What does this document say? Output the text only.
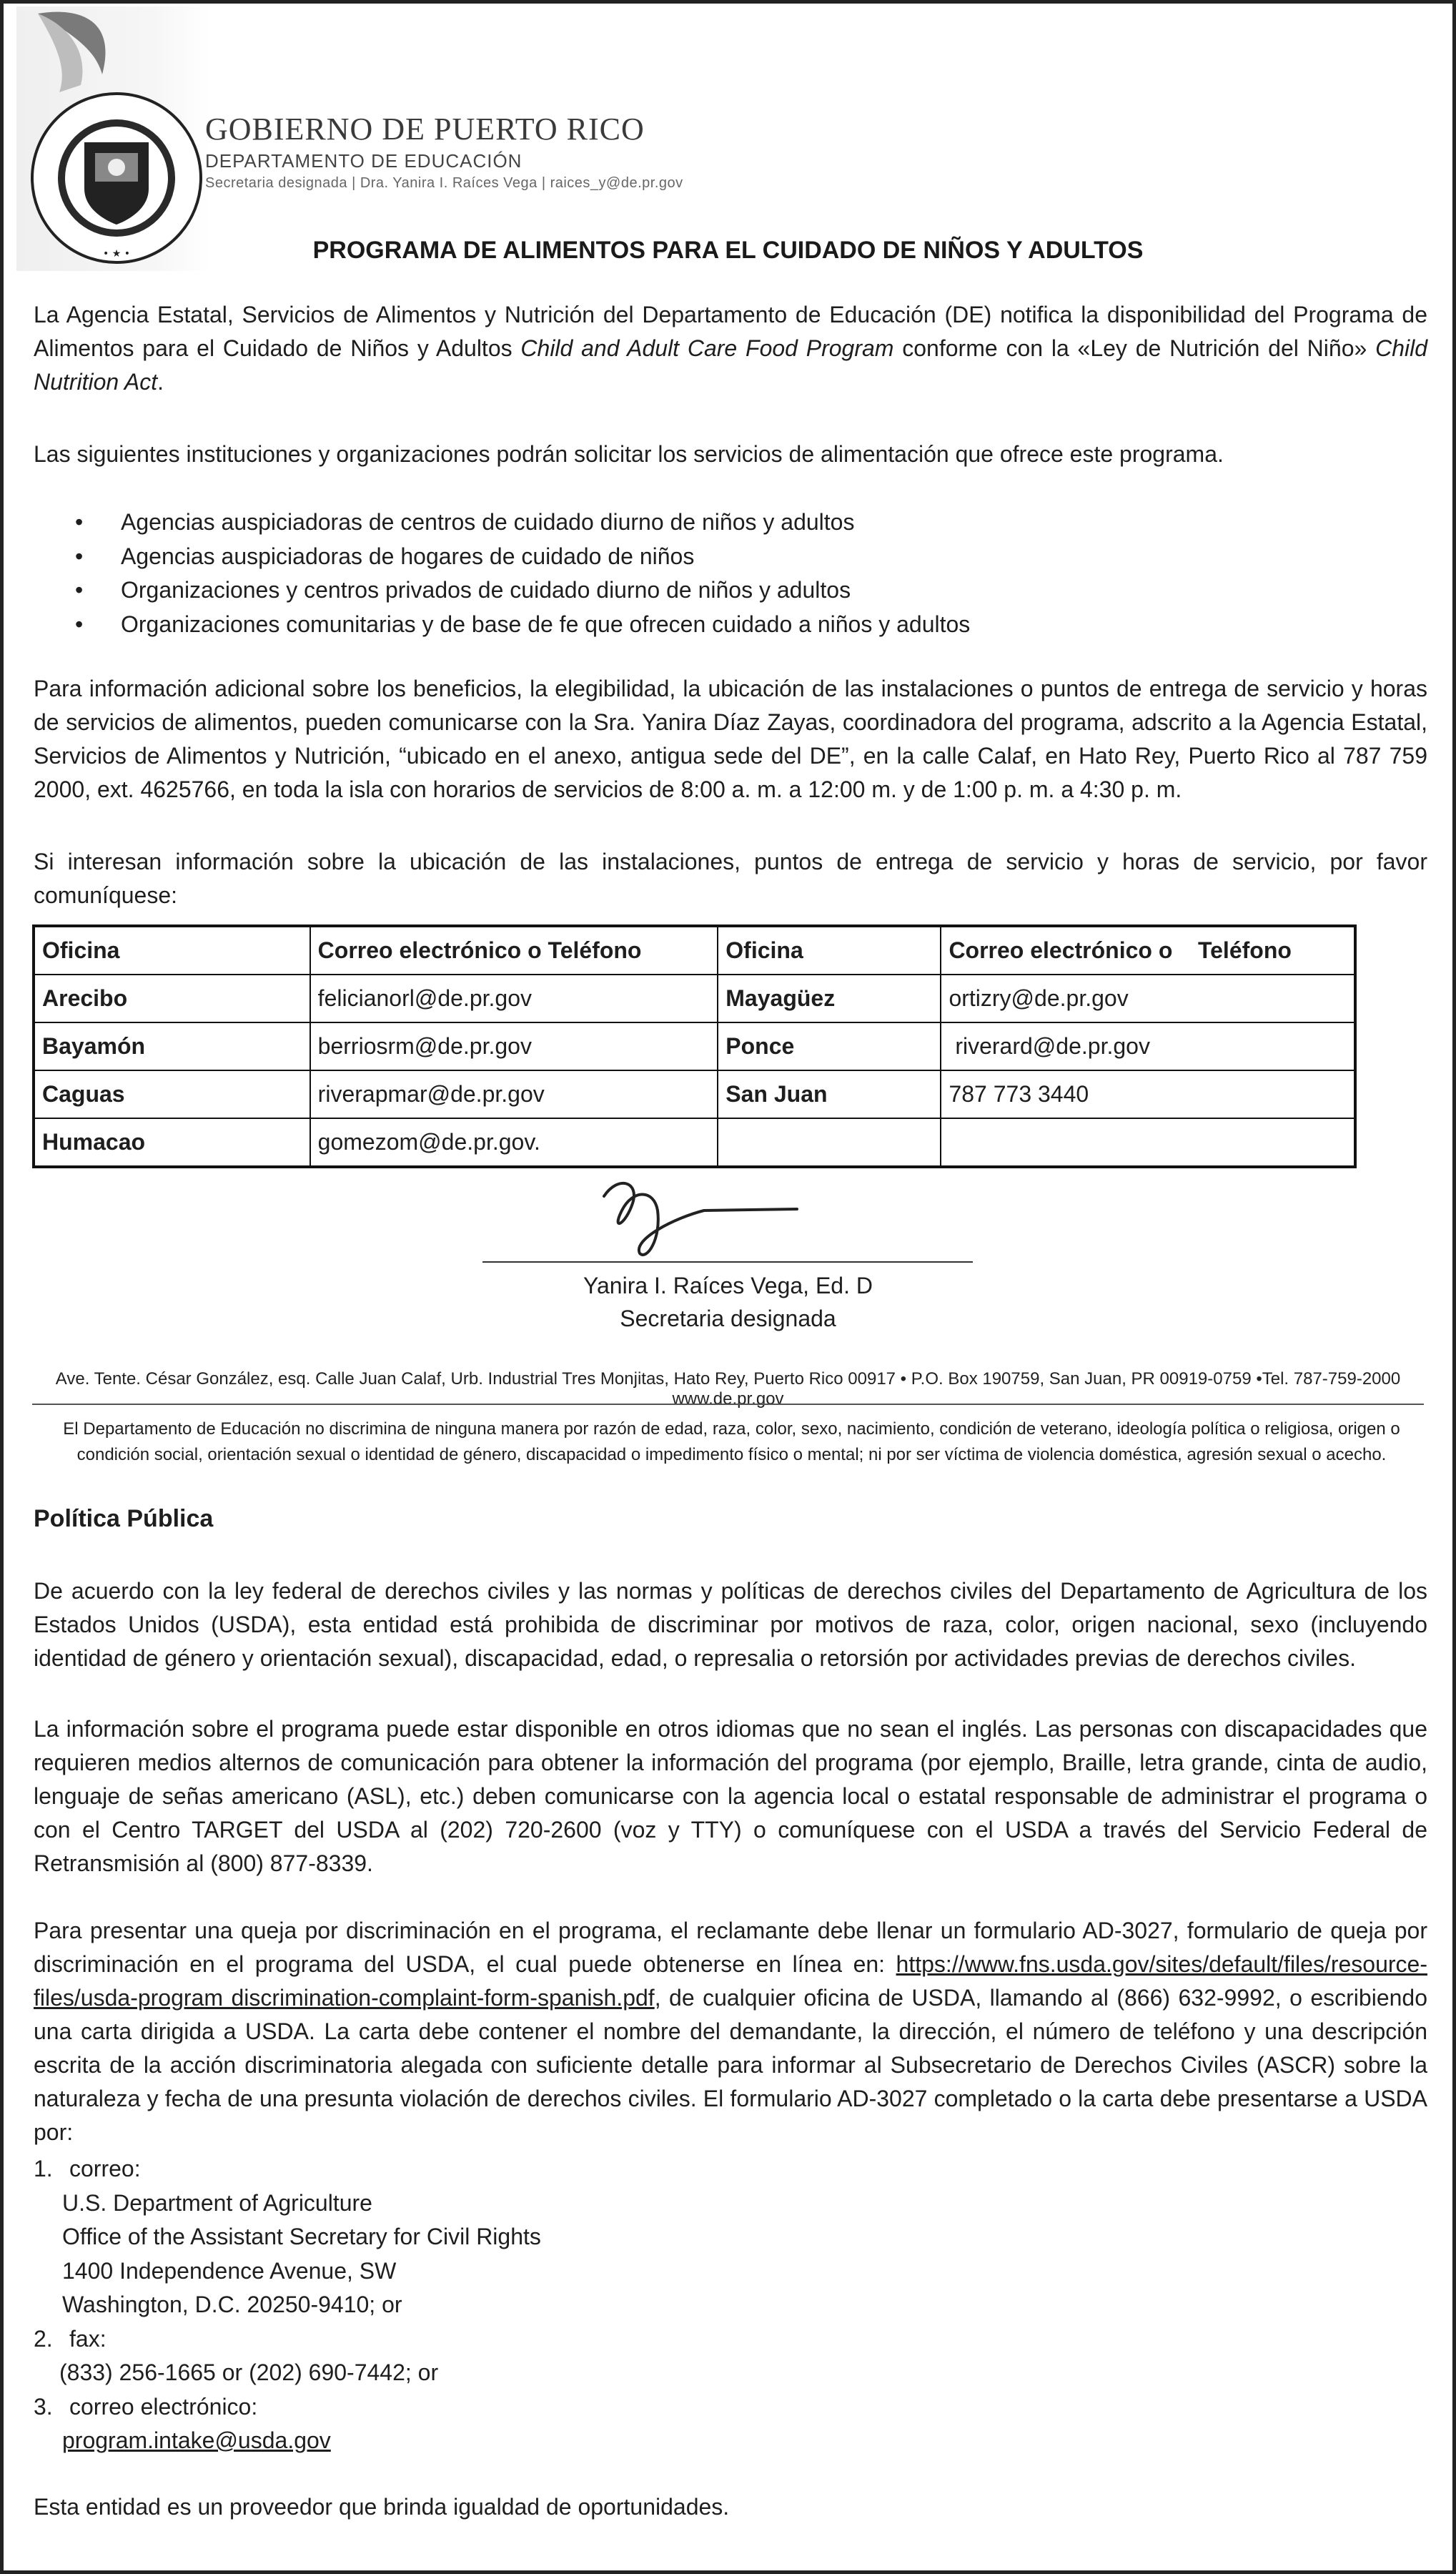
• ★ •
GOBIERNO DE PUERTO RICO
DEPARTAMENTO DE EDUCACIÓN
Secretaria designada | Dra. Yanira I. Raíces Vega | raices_y@de.pr.gov
PROGRAMA DE ALIMENTOS PARA EL CUIDADO DE NIÑOS Y ADULTOS

La Agencia Estatal, Servicios de Alimentos y Nutrición del Departamento de Educación (DE) notifica la disponibilidad del Programa de Alimentos para el Cuidado de Niños y Adultos Child and Adult Care Food Program conforme con la «Ley de Nutrición del Niño» Child Nutrition Act.

Las siguientes instituciones y organizaciones podrán solicitar los servicios de alimentación que ofrece este programa.

• Agencias auspiciadoras de centros de cuidado diurno de niños y adultos
• Agencias auspiciadoras de hogares de cuidado de niños
• Organizaciones y centros privados de cuidado diurno de niños y adultos
• Organizaciones comunitarias y de base de fe que ofrecen cuidado a niños y adultos

Para información adicional sobre los beneficios, la elegibilidad, la ubicación de las instalaciones o puntos de entrega de servicio y horas de servicios de alimentos, pueden comunicarse con la Sra. Yanira Díaz Zayas, coordinadora del programa, adscrito a la Agencia Estatal, Servicios de Alimentos y Nutrición, “ubicado en el anexo, antigua sede del DE”, en la calle Calaf, en Hato Rey, Puerto Rico al 787 759 2000, ext. 4625766, en toda la isla con horarios de servicios de 8:00 a. m. a 12:00 m. y de 1:00 p. m. a 4:30 p. m.

Si interesan información sobre la ubicación de las instalaciones, puntos de entrega de servicio y horas de servicio, por favor comuníquese:

Oficina	Correo electrónico o Teléfono	Oficina	Correo electrónico o    Teléfono
Arecibo	felicianorl@de.pr.gov	Mayagüez	ortizry@de.pr.gov
Bayamón	berriosrm@de.pr.gov	Ponce	riverard@de.pr.gov
Caguas	riverapmar@de.pr.gov	San Juan	787 773 3440
Humacao	gomezom@de.pr.gov.		
Yanira I. Raíces Vega, Ed. D
Secretaria designada
Ave. Tente. César González, esq. Calle Juan Calaf, Urb. Industrial Tres Monjitas, Hato Rey, Puerto Rico 00917 • P.O. Box 190759, San Juan, PR 00919-0759 •Tel. 787-759-2000 www.de.pr.gov

El Departamento de Educación no discrimina de ninguna manera por razón de edad, raza, color, sexo, nacimiento, condición de veterano, ideología política o religiosa, origen o condición social, orientación sexual o identidad de género, discapacidad o impedimento físico o mental; ni por ser víctima de violencia doméstica, agresión sexual o acecho.

Política Pública

De acuerdo con la ley federal de derechos civiles y las normas y políticas de derechos civiles del Departamento de Agricultura de los Estados Unidos (USDA), esta entidad está prohibida de discriminar por motivos de raza, color, origen nacional, sexo (incluyendo identidad de género y orientación sexual), discapacidad, edad, o represalia o retorsión por actividades previas de derechos civiles.

La información sobre el programa puede estar disponible en otros idiomas que no sean el inglés. Las personas con discapacidades que requieren medios alternos de comunicación para obtener la información del programa (por ejemplo, Braille, letra grande, cinta de audio, lenguaje de señas americano (ASL), etc.) deben comunicarse con la agencia local o estatal responsable de administrar el programa o con el Centro TARGET del USDA al (202) 720-2600 (voz y TTY) o comuníquese con el USDA a través del Servicio Federal de Retransmisión al (800) 877-8339.

Para presentar una queja por discriminación en el programa, el reclamante debe llenar un formulario AD-3027, formulario de queja por discriminación en el programa del USDA, el cual puede obtenerse en línea en: https://www.fns.usda.gov/sites/default/files/resource-files/usda-program discrimination-complaint-form-spanish.pdf, de cualquier oficina de USDA, llamando al (866) 632-9992, o escribiendo una carta dirigida a USDA. La carta debe contener el nombre del demandante, la dirección, el número de teléfono y una descripción escrita de la acción discriminatoria alegada con suficiente detalle para informar al Subsecretario de Derechos Civiles (ASCR) sobre la naturaleza y fecha de una presunta violación de derechos civiles. El formulario AD-3027 completado o la carta debe presentarse a USDA por:

1. correo:
U.S. Department of Agriculture
Office of the Assistant Secretary for Civil Rights
1400 Independence Avenue, SW
Washington, D.C. 20250-9410; or
2. fax:
(833) 256-1665 or (202) 690-7442; or
3. correo electrónico:
program.intake@usda.gov

Esta entidad es un proveedor que brinda igualdad de oportunidades.
